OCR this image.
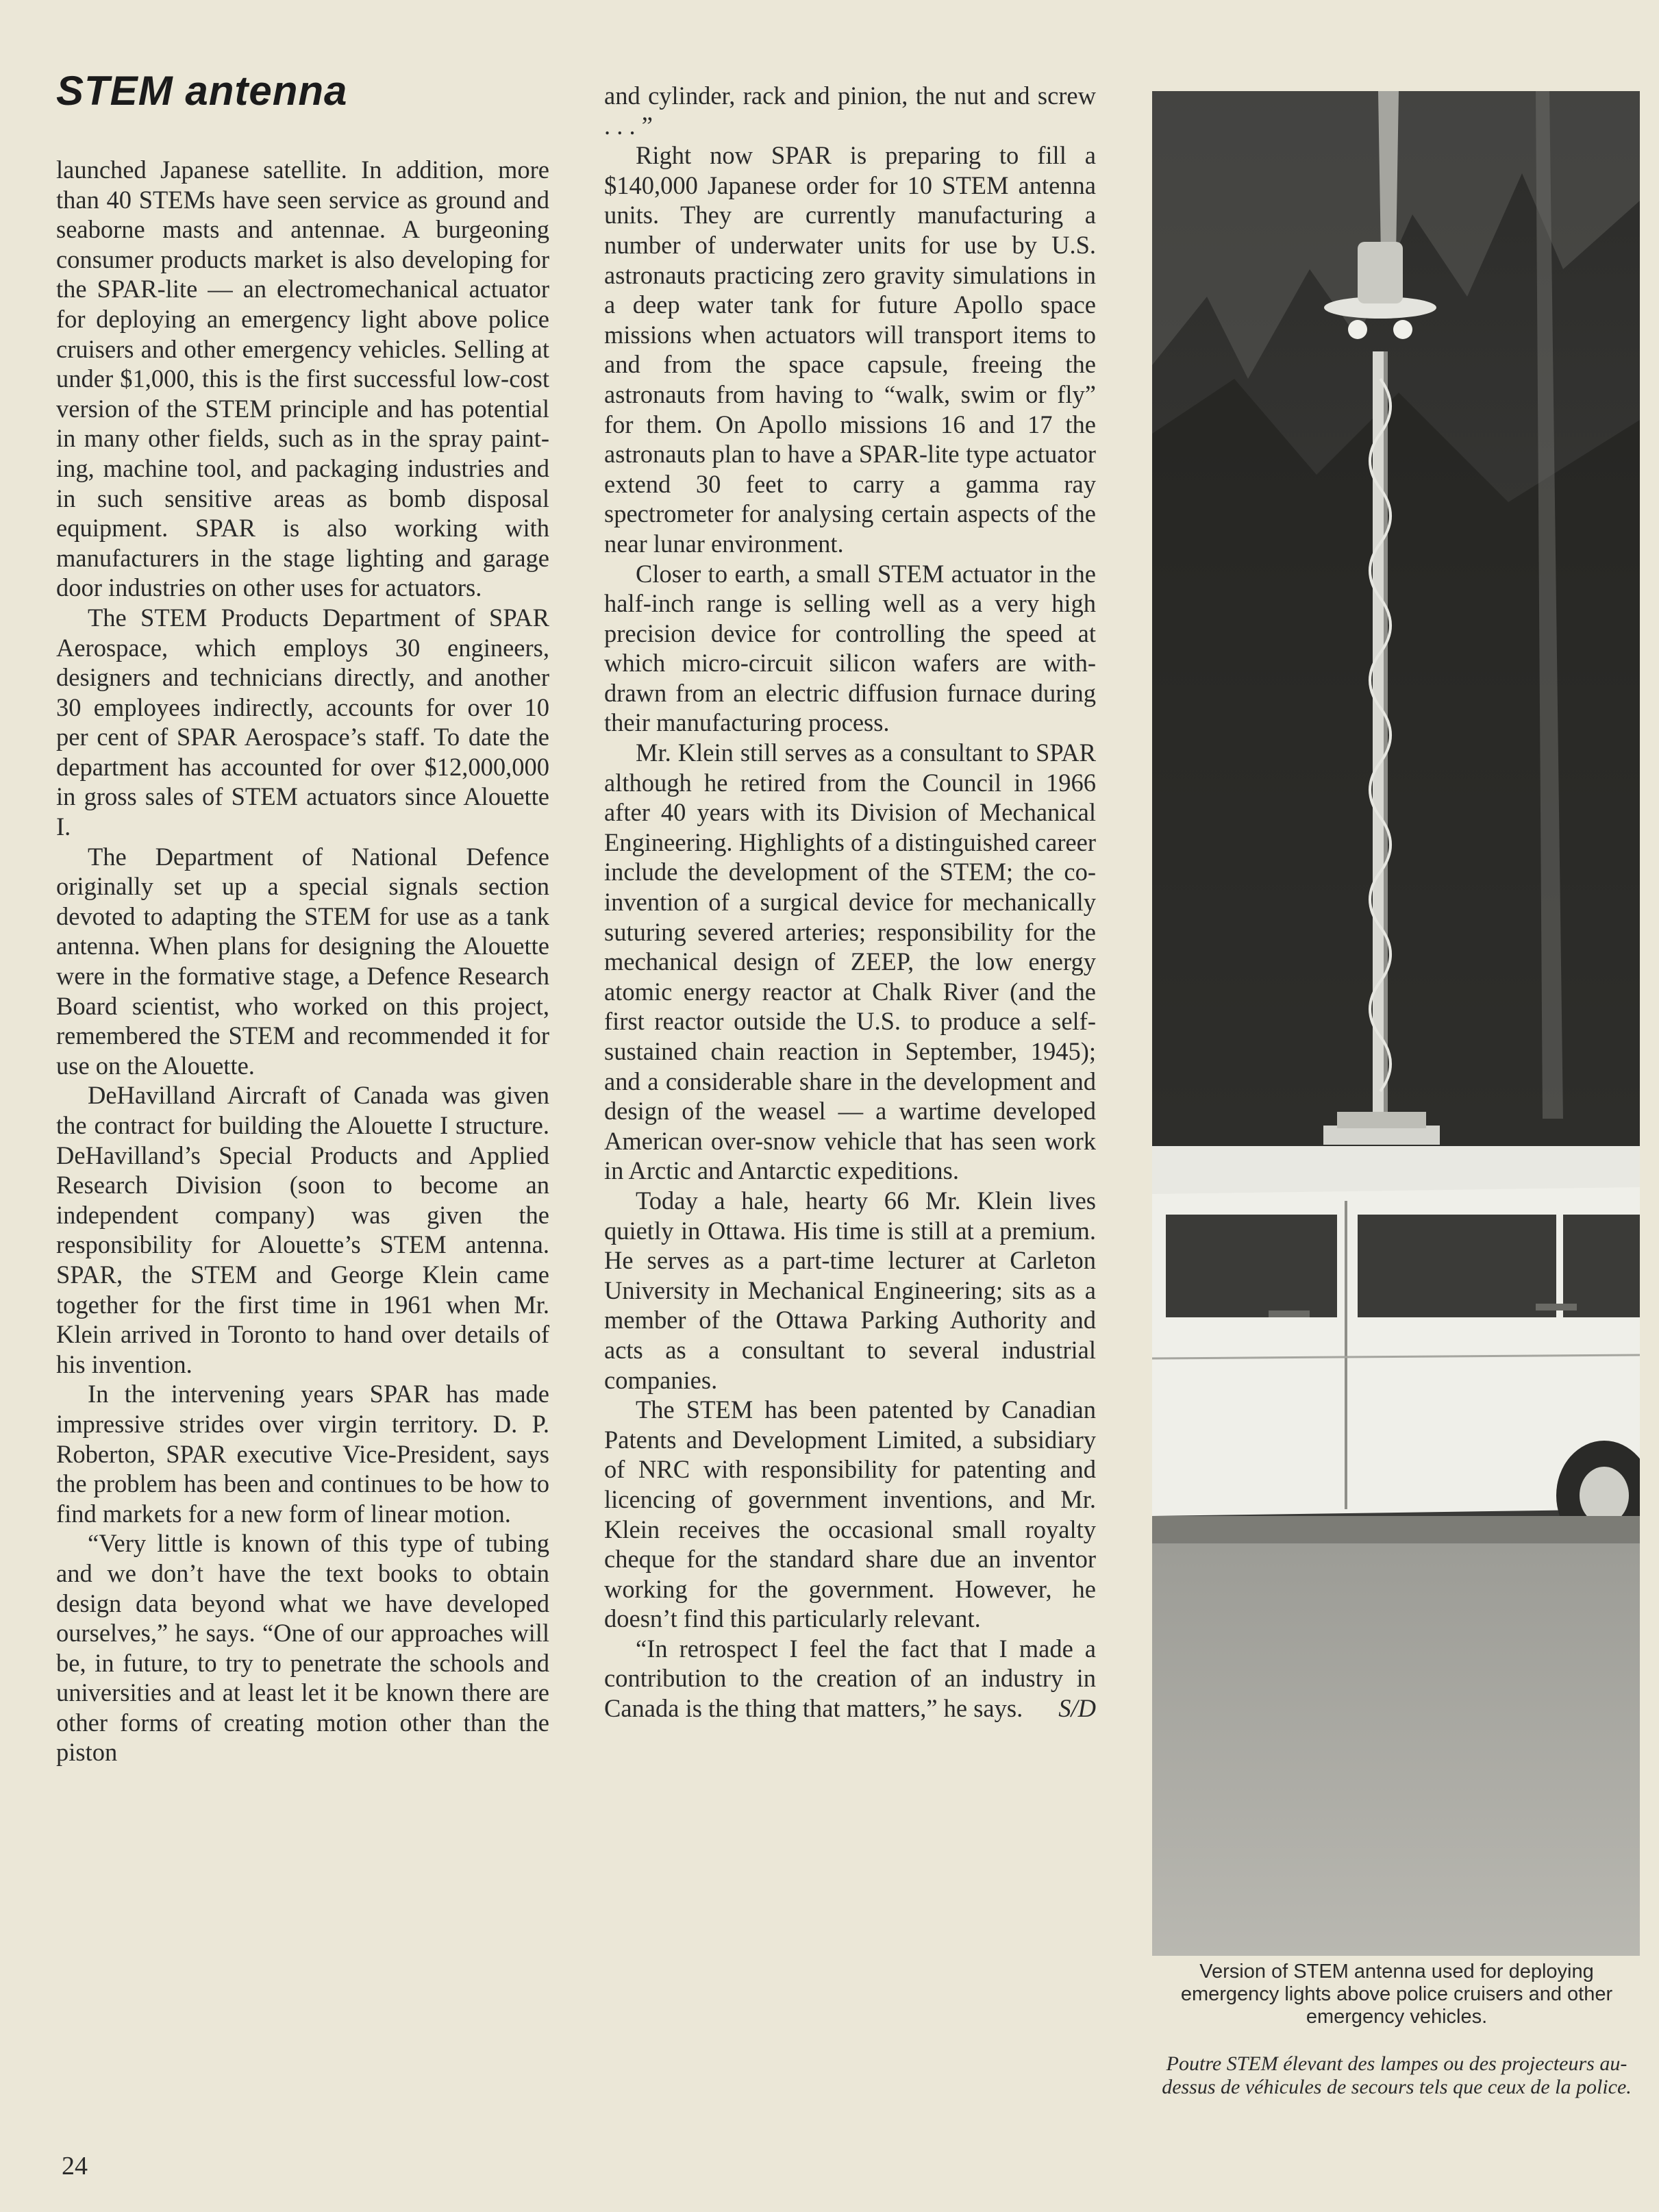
STEM antenna

launched Japanese satellite. In addition, more than 40 STEMs have seen service as ground and seaborne masts and antennae. A burgeoning consumer products market is also developing for the SPAR-lite — an electromechanical actuator for deploying an emergency light above police cruisers and other emergency vehicles. Selling at under $1,000, this is the first successful low-cost version of the STEM principle and has potential in many other fields, such as in the spray painting, machine tool, and packaging industries and in such sensitive areas as bomb disposal equipment. SPAR is also working with manufacturers in the stage lighting and garage door industries on other uses for actuators.

The STEM Products Department of SPAR Aerospace, which employs 30 engineers, designers and technicians directly, and another 30 employees indirectly, accounts for over 10 per cent of SPAR Aerospace’s staff. To date the department has accounted for over $12,000,000 in gross sales of STEM actuators since Alouette I.

The Department of National Defence originally set up a special signals section devoted to adapting the STEM for use as a tank antenna. When plans for designing the Alouette were in the formative stage, a Defence Research Board scientist, who worked on this project, remembered the STEM and recommended it for use on the Alouette.

DeHavilland Aircraft of Canada was given the contract for building the Alouette I structure. DeHavilland’s Special Products and Applied Research Division (soon to become an independent company) was given the responsibility for Alouette’s STEM antenna. SPAR, the STEM and George Klein came together for the first time in 1961 when Mr. Klein arrived in Toronto to hand over details of his invention.

In the intervening years SPAR has made impressive strides over virgin territory. D. P. Roberton, SPAR executive Vice-President, says the problem has been and continues to be how to find markets for a new form of linear motion.

“Very little is known of this type of tubing and we don’t have the text books to obtain design data beyond what we have developed ourselves,” he says. “One of our approaches will be, in future, to try to penetrate the schools and universities and at least let it be known there are other forms of creating motion other than the piston

and cylinder, rack and pinion, the nut and screw . . . ”

Right now SPAR is preparing to fill a $140,000 Japanese order for 10 STEM antenna units. They are currently manufacturing a number of underwater units for use by U.S. astronauts practicing zero gravity simulations in a deep water tank for future Apollo space missions when actuators will transport items to and from the space capsule, freeing the astronauts from having to “walk, swim or fly” for them. On Apollo missions 16 and 17 the astronauts plan to have a SPAR-lite type actuator extend 30 feet to carry a gamma ray spectrometer for analysing certain aspects of the near lunar environment.

Closer to earth, a small STEM actuator in the half-inch range is selling well as a very high precision device for controlling the speed at which micro-circuit silicon wafers are withdrawn from an electric diffusion furnace during their manufacturing process.

Mr. Klein still serves as a consultant to SPAR although he retired from the Council in 1966 after 40 years with its Division of Mechanical Engineering. Highlights of a distinguished career include the development of the STEM; the co-invention of a surgical device for mechanically suturing severed arteries; responsibility for the mechanical design of ZEEP, the low energy atomic energy reactor at Chalk River (and the first reactor outside the U.S. to produce a self-sustained chain reaction in September, 1945); and a considerable share in the development and design of the weasel — a wartime developed American over-snow vehicle that has seen work in Arctic and Antarctic expeditions.

Today a hale, hearty 66 Mr. Klein lives quietly in Ottawa. His time is still at a premium. He serves as a part-time lecturer at Carleton University in Mechanical Engineering; sits as a member of the Ottawa Parking Authority and acts as a consultant to several industrial companies.

The STEM has been patented by Canadian Patents and Development Limited, a subsidiary of NRC with responsibility for patenting and licencing of government inventions, and Mr. Klein receives the occasional small royalty cheque for the standard share due an inventor working for the government. However, he doesn’t find this particularly relevant.

“In retrospect I feel the fact that I made a contribution to the creation of an industry in Canada is the thing that matters,” he says.	S/D

Version of STEM antenna used for deploying emergency lights above police cruisers and other emergency vehicles.
Poutre STEM élevant des lampes ou des projecteurs au-dessus de véhicules de secours tels que ceux de la police.
24
